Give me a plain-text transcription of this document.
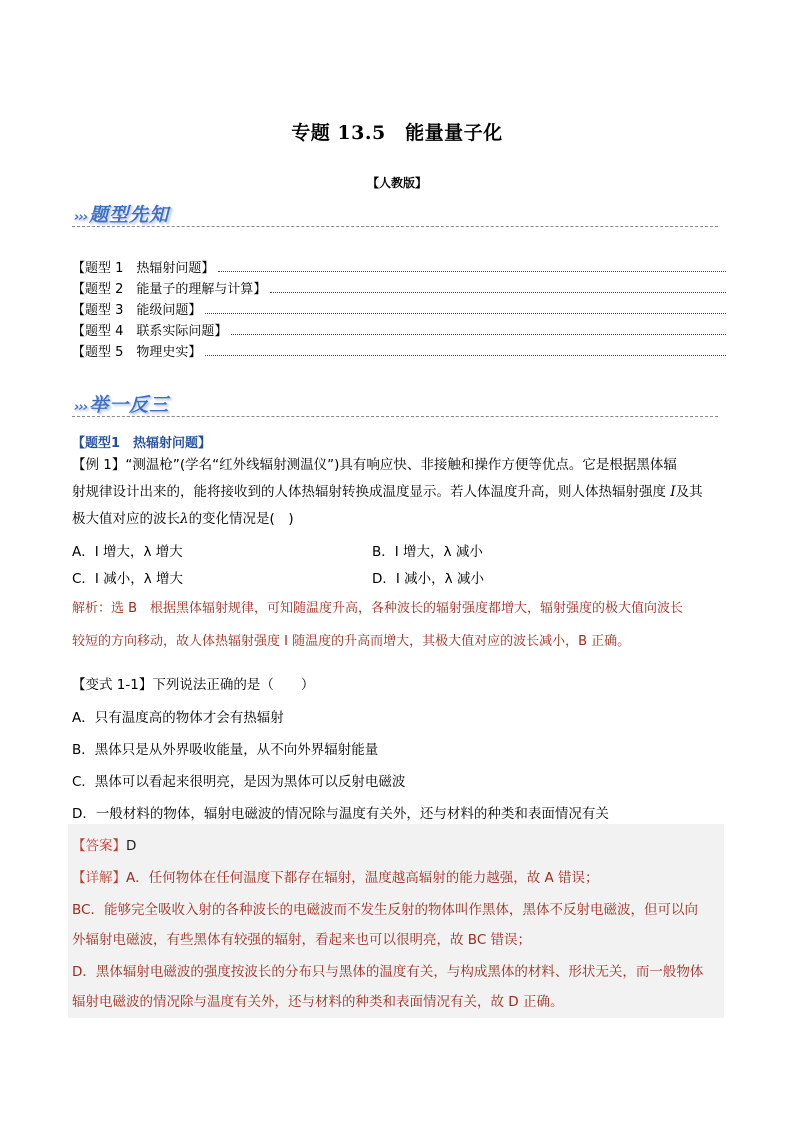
专题 13.5　能量量子化
【人教版】
››› 题型先知
【题型 1　热辐射问题】
【题型 2　能量子的理解与计算】
【题型 3　能级问题】
【题型 4　联系实际问题】
【题型 5　物理史实】
››› 举一反三
【题型1　热辐射问题】
【例 1】“测温枪”(学名“红外线辐射测温仪”)具有响应快、非接触和操作方便等优点。它是根据黑体辐
射规律设计出来的，能将接收到的人体热辐射转换成温度显示。若人体温度升高，则人体热辐射强度 I及其
极大值对应的波长λ的变化情况是(　)
A．I 增大，λ 增大	B．I 增大，λ 减小
C．I 减小，λ 增大	D．I 减小，λ 减小
解析：选 B　根据黑体辐射规律，可知随温度升高，各种波长的辐射强度都增大，辐射强度的极大值向波长
较短的方向移动，故人体热辐射强度 I 随温度的升高而增大，其极大值对应的波长减小，B 正确。
【变式 1-1】下列说法正确的是（　　）
A．只有温度高的物体才会有热辐射
B．黑体只是从外界吸收能量，从不向外界辐射能量
C．黑体可以看起来很明亮，是因为黑体可以反射电磁波
D．一般材料的物体，辐射电磁波的情况除与温度有关外，还与材料的种类和表面情况有关
【答案】D
【详解】A．任何物体在任何温度下都存在辐射，温度越高辐射的能力越强，故 A 错误；
BC．能够完全吸收入射的各种波长的电磁波而不发生反射的物体叫作黑体，黑体不反射电磁波，但可以向
外辐射电磁波，有些黑体有较强的辐射，看起来也可以很明亮，故 BC 错误；
D．黑体辐射电磁波的强度按波长的分布只与黑体的温度有关，与构成黑体的材料、形状无关，而一般物体
辐射电磁波的情况除与温度有关外，还与材料的种类和表面情况有关，故 D 正确。
